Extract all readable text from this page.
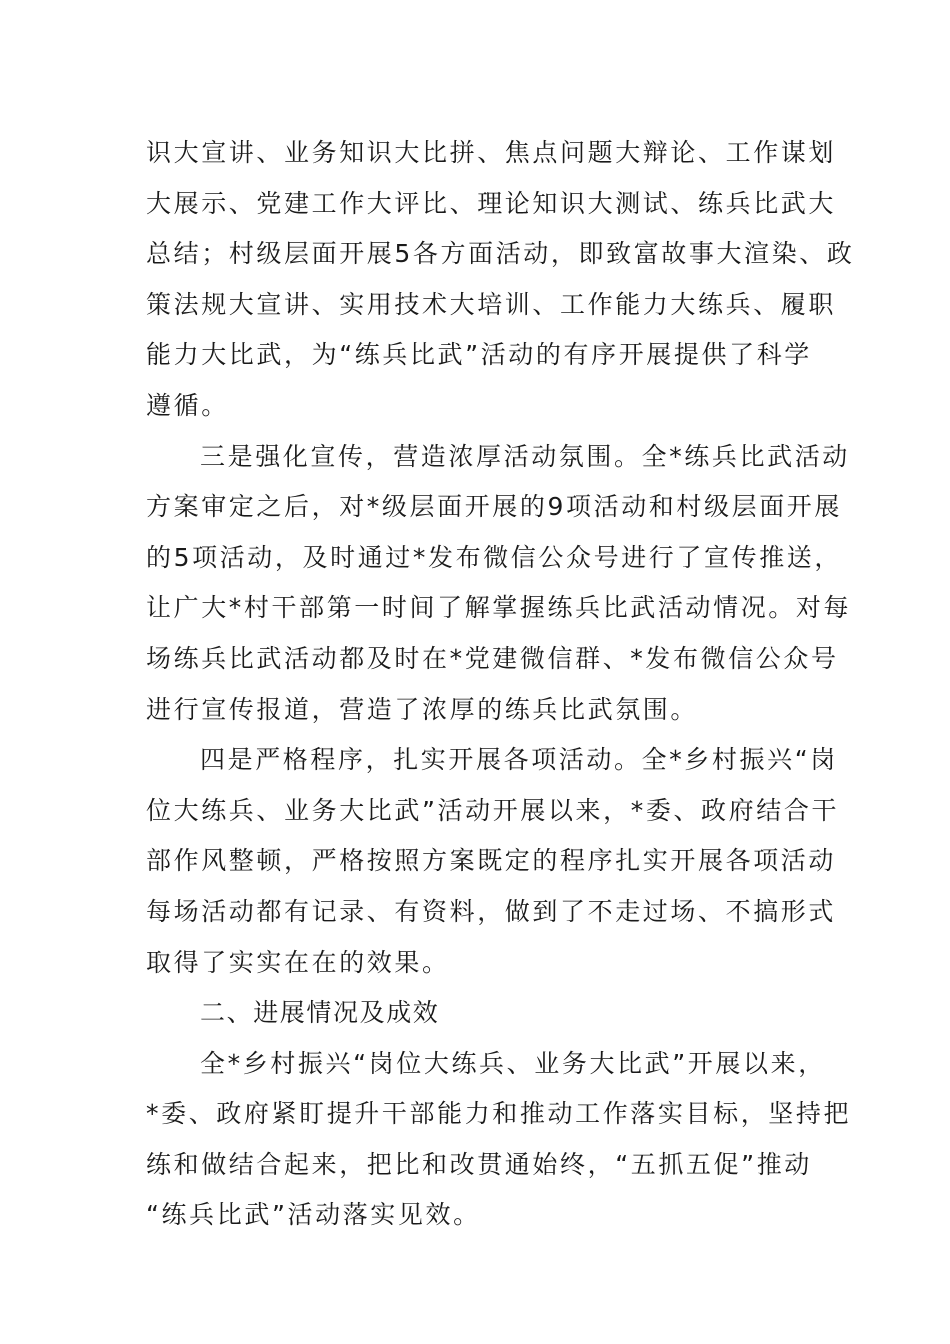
识大宣讲、业务知识大比拼、焦点问题大辩论、工作谋划
大展示、党建工作大评比、理论知识大测试、练兵比武大
总结；村级层面开展5各方面活动，即致富故事大渲染、政
策法规大宣讲、实用技术大培训、工作能力大练兵、履职
能力大比武，为“练兵比武”活动的有序开展提供了科学
遵循。
三是强化宣传，营造浓厚活动氛围。全*练兵比武活动
方案审定之后，对*级层面开展的9项活动和村级层面开展
的5项活动，及时通过*发布微信公众号进行了宣传推送，
让广大*村干部第一时间了解掌握练兵比武活动情况。对每
场练兵比武活动都及时在*党建微信群、*发布微信公众号
进行宣传报道，营造了浓厚的练兵比武氛围。
四是严格程序，扎实开展各项活动。全*乡村振兴“岗
位大练兵、业务大比武”活动开展以来，*委、政府结合干
部作风整顿，严格按照方案既定的程序扎实开展各项活动
每场活动都有记录、有资料，做到了不走过场、不搞形式
取得了实实在在的效果。
二、进展情况及成效
全*乡村振兴“岗位大练兵、业务大比武”开展以来，
*委、政府紧盯提升干部能力和推动工作落实目标，坚持把
练和做结合起来，把比和改贯通始终，“五抓五促”推动
“练兵比武”活动落实见效。
